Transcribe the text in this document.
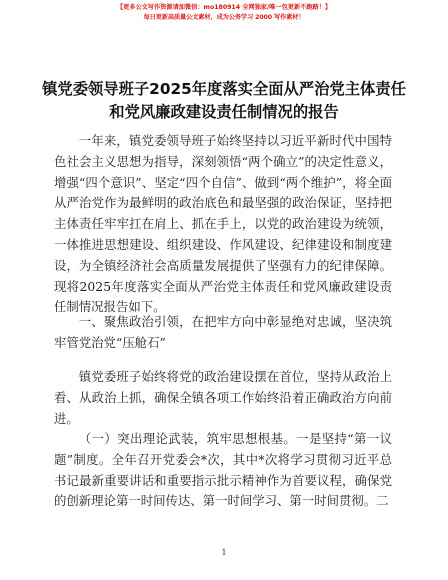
【更多公文写作资源请加微信：mo180914 全网独家/唯一包更新不跑路！】
每日更新高质量公文素材，成为公务学习 2000 写作素材！
镇党委领导班子2025年度落实全面从严治党主体责任和党风廉政建设责任制情况的报告

一年来，镇党委领导班子始终坚持以习近平新时代中国特色社会主义思想为指导，深刻领悟“两个确立”的决定性意义，增强“四个意识”、坚定“四个自信”、做到“两个维护”，将全面从严治党作为最鲜明的政治底色和最坚强的政治保证，坚持把主体责任牢牢扛在肩上、抓在手上，以党的政治建设为统领，一体推进思想建设、组织建设、作风建设、纪律建设和制度建设，为全镇经济社会高质量发展提供了坚强有力的纪律保障。现将2025年度落实全面从严治党主体责任和党风廉政建设责任制情况报告如下。

一、聚焦政治引领，在把牢方向中彰显绝对忠诚，坚决筑牢管党治党“压舱石”

镇党委班子始终将党的政治建设摆在首位，坚持从政治上看、从政治上抓，确保全镇各项工作始终沿着正确政治方向前进。

（一）突出理论武装，筑牢思想根基。一是坚持“第一议题”制度。全年召开党委会*次，其中*次将学习贯彻习近平总书记最新重要讲话和重要指示批示精神作为首要议程，确保党的创新理论第一时间传达、第一时间学习、第一时间贯彻。二

1
